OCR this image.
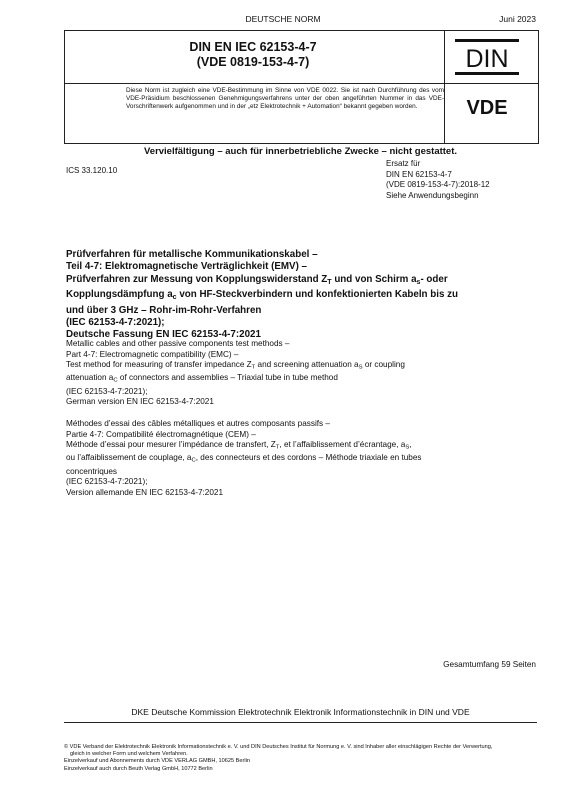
DEUTSCHE NORM	Juni 2023
DIN EN IEC 62153-4-7
(VDE 0819-153-4-7)	DIN
VDE
Diese Norm ist zugleich eine VDE-Bestimmung im Sinne von VDE 0022. Sie ist nach Durchführung des vom VDE-Präsidium beschlossenen Genehmigungsverfahrens unter der oben angeführten Nummer in das VDE-Vorschriftenwerk aufgenommen und in der „etz Elektrotechnik + Automation“ bekannt gegeben worden.
Vervielfältigung – auch für innerbetriebliche Zwecke – nicht gestattet.
ICS 33.120.10
Ersatz für
DIN EN 62153-4-7
(VDE 0819-153-4-7):2018-12
Siehe Anwendungsbeginn
Prüfverfahren für metallische Kommunikationskabel –
Teil 4-7: Elektromagnetische Verträglichkeit (EMV) –
Prüfverfahren zur Messung von Kopplungswiderstand $Z_T$ und von Schirm $a_s-$ oder
Kopplungsdämpfung $a_c$ von HF-Steckverbindern und konfektionierten Kabeln bis zu
und über 3 GHz – Rohr-im-Rohr-Verfahren
(IEC 62153-4-7:2021);
Deutsche Fassung EN IEC 62153-4-7:2021
Metallic cables and other passive components test methods –
Part 4-7: Electromagnetic compatibility (EMC) –
Test method for measuring of transfer impedance $Z_T$ and screening attenuation $a_S$ or coupling
attenuation $a_C$ of connectors and assemblies – Triaxial tube in tube method
(IEC 62153-4-7:2021);
German version EN IEC 62153-4-7:2021
Méthodes d’essai des câbles métalliques et autres composants passifs –
Partie 4-7: Compatibilité électromagnétique (CEM) –
Méthode d’essai pour mesurer l’impédance de transfert, $Z_T$, et l’affaiblissement d’écrantage, $a_S$,
ou l’affaiblissement de couplage, $a_C$, des connecteurs et des cordons – Méthode triaxiale en tubes
concentriques
(IEC 62153-4-7:2021);
Version allemande EN IEC 62153-4-7:2021
Gesamtumfang 59 Seiten
DKE Deutsche Kommission Elektrotechnik Elektronik Informationstechnik in DIN und VDE
© VDE Verband der Elektrotechnik Elektronik Informationstechnik e. V. und DIN Deutsches Institut für Normung e. V. sind Inhaber aller einschlägigen Rechte der Verwertung,
gleich in welcher Form und welchem Verfahren.
Einzelverkauf und Abonnements durch VDE VERLAG GMBH, 10625 Berlin
Einzelverkauf auch durch Beuth Verlag GmbH, 10772 Berlin
